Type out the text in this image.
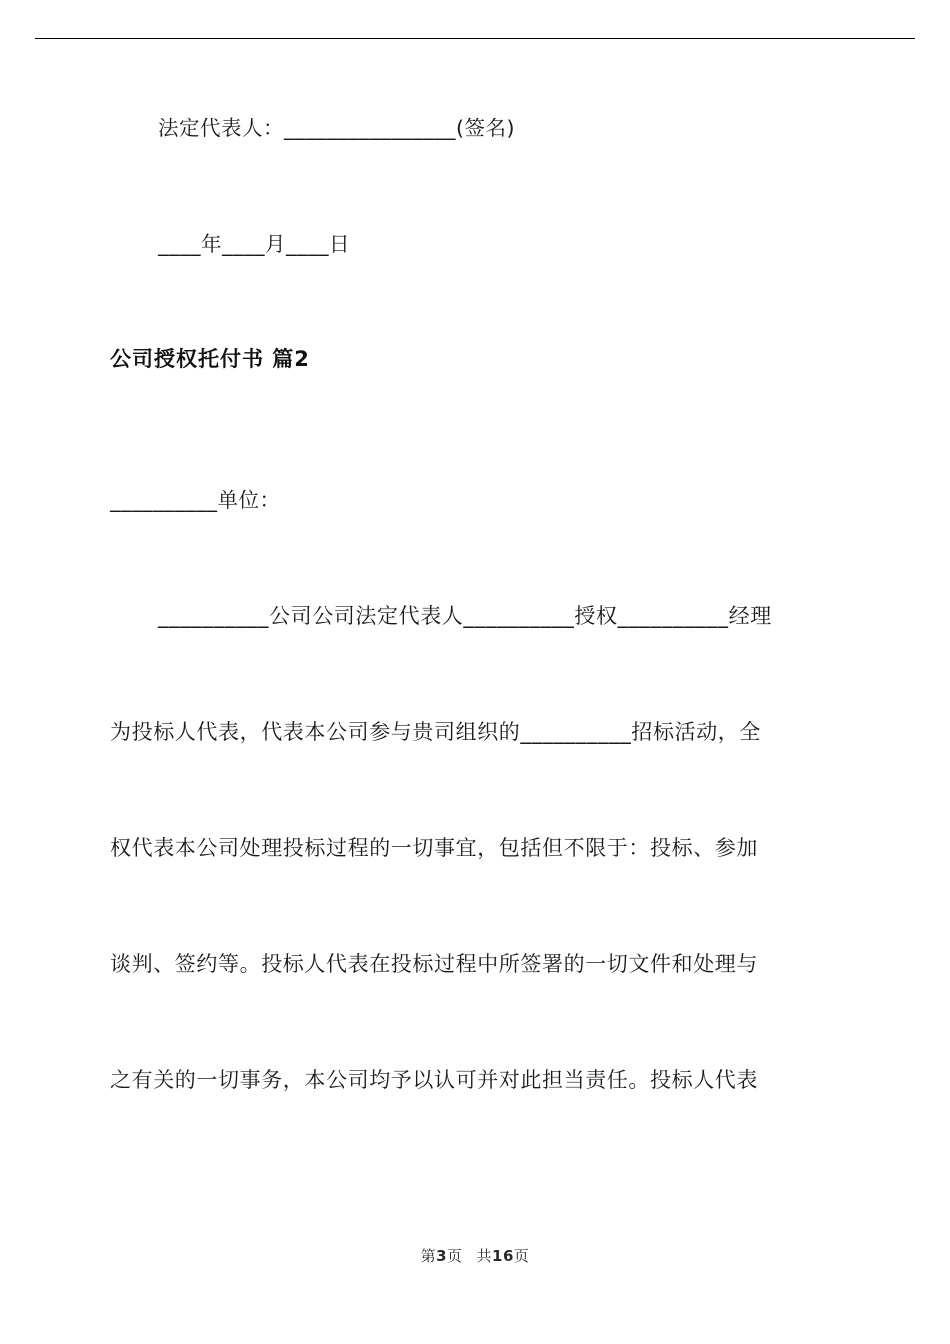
法定代表人：________________(签名)
____年____月____日
公司授权托付书 篇2
__________单位：
__________公司公司法定代表人__________授权__________经理
为投标人代表，代表本公司参与贵司组织的__________招标活动，全
权代表本公司处理投标过程的一切事宜，包括但不限于：投标、参加
谈判、签约等。投标人代表在投标过程中所签署的一切文件和处理与
之有关的一切事务，本公司均予以认可并对此担当责任。投标人代表
第3页 共16页
